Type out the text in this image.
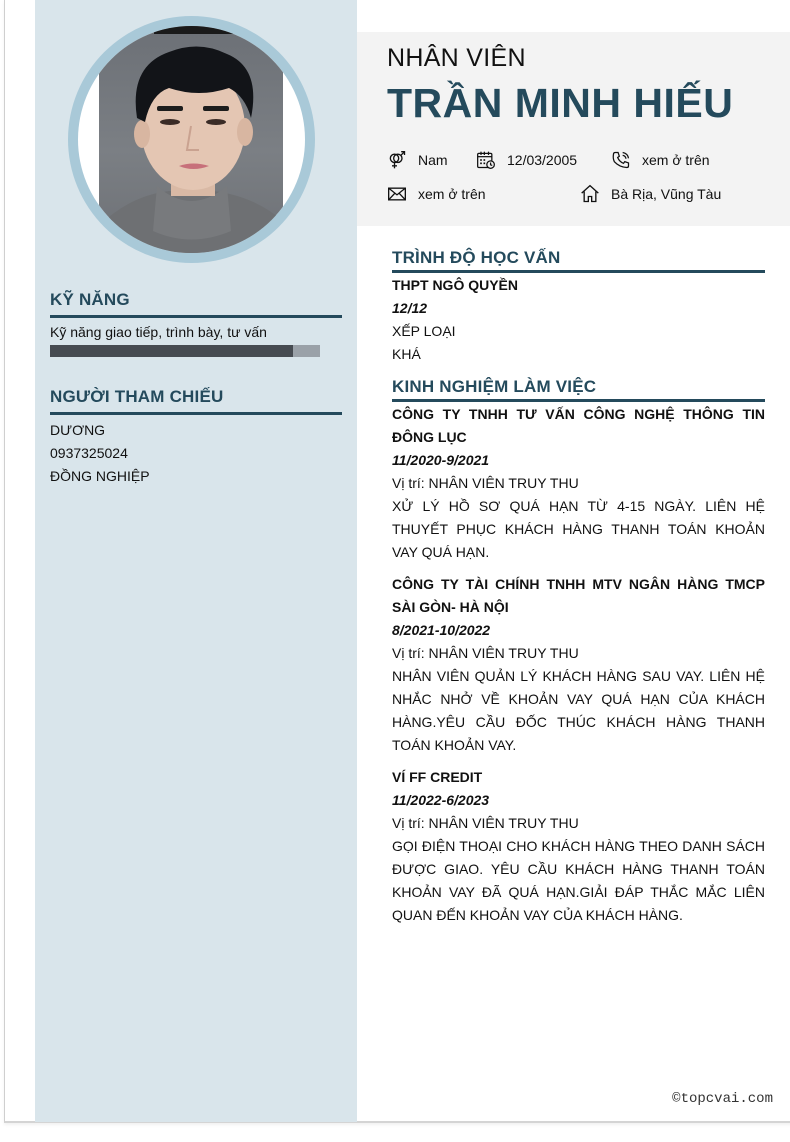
KỸ NĂNG
Kỹ năng giao tiếp, trình bày, tư vấn
NGƯỜI THAM CHIẾU
DƯƠNG
0937325024
ĐỒNG NGHIỆP
NHÂN VIÊN
TRẦN MINH HIẾU
Nam	12/03/2005	xem ở trên
xem ở trên	Bà Rịa, Vũng Tàu
TRÌNH ĐỘ HỌC VẤN
THPT NGÔ QUYỀN
12/12
XẾP LOẠI
KHÁ
KINH NGHIỆM LÀM VIỆC
CÔNG TY TNHH TƯ VẤN CÔNG NGHỆ THÔNG TIN ĐÔNG LỤC
11/2020-9/2021
Vị trí: NHÂN VIÊN TRUY THU
XỬ LÝ HỒ SƠ QUÁ HẠN TỪ 4-15 NGÀY. LIÊN HỆ THUYẾT PHỤC KHÁCH HÀNG THANH TOÁN KHOẢN VAY QUÁ HẠN.
CÔNG TY TÀI CHÍNH TNHH MTV NGÂN HÀNG TMCP SÀI GÒN- HÀ NỘI
8/2021-10/2022
Vị trí: NHÂN VIÊN TRUY THU
NHÂN VIÊN QUẢN LÝ KHÁCH HÀNG SAU VAY. LIÊN HỆ NHẮC NHỞ VỀ KHOẢN VAY QUÁ HẠN CỦA KHÁCH HÀNG.YÊU CẦU ĐỐC THÚC KHÁCH HÀNG THANH TOÁN KHOẢN VAY.
VÍ FF CREDIT
11/2022-6/2023
Vị trí: NHÂN VIÊN TRUY THU
GỌI ĐIỆN THOẠI CHO KHÁCH HÀNG THEO DANH SÁCH ĐƯỢC GIAO. YÊU CẦU KHÁCH HÀNG THANH TOÁN KHOẢN VAY ĐÃ QUÁ HẠN.GIẢI ĐÁP THẮC MẮC LIÊN QUAN ĐẾN KHOẢN VAY CỦA KHÁCH HÀNG.
©topcvai.com
